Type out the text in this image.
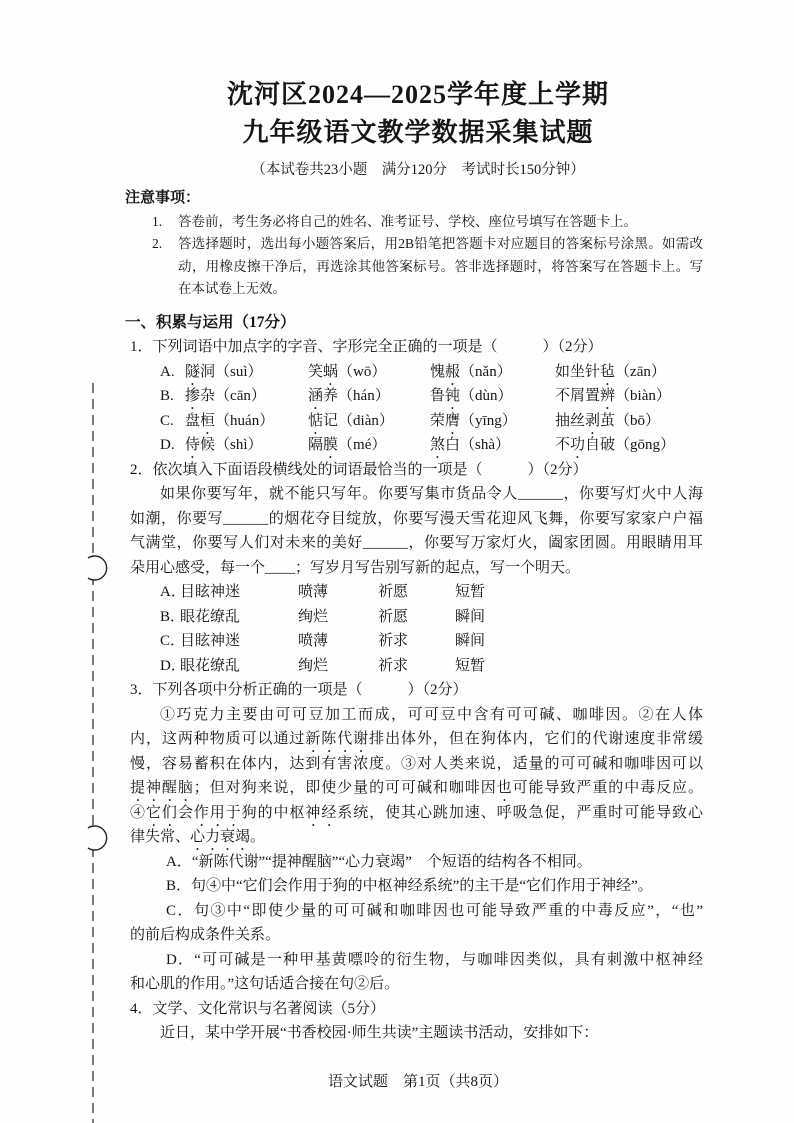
沈河区2024—2025学年度上学期
九年级语文教学数据采集试题
（本试卷共23小题　满分120分　考试时长150分钟）
注意事项：
1. 答卷前，考生务必将自己的姓名、准考证号、学校、座位号填写在答题卡上。
2. 答选择题时，选出每小题答案后，用2B铅笔把答题卡对应题目的答案标号涂黑。如需改
动，用橡皮擦干净后，再选涂其他答案标号。答非选择题时，将答案写在答题卡上。写
在本试卷上无效。
一、积累与运用（17分）
1．下列词语中加点字的字音、字形完全正确的一项是（　　　）（2分）
A. 隧洞（suì）	笑蜗（wō）	愧赧（nǎn）	如坐针毡（zān）
B. 掺杂（cān）	涵养（hán）	鲁钝（dùn）	不屑置辨（biàn）
C. 盘桓（huán） 惦记（diàn） 荣膺（yīng）	抽丝剥茧（bō）
D. 侍候（shì）	隔膜（mé）	煞白（shà）	不功自破（gōng）
2．依次填入下面语段横线处的词语最恰当的一项是（　　　）（2分）
如果你要写年，就不能只写年。你要写集市货品令人______，你要写灯火中人海
如潮，你要写______的烟花夺目绽放，你要写漫天雪花迎风飞舞，你要写家家户户福
气满堂，你要写人们对未来的美好______，你要写万家灯火，阖家团圆。用眼睛用耳
朵用心感受，每一个____；写岁月写告别写新的起点，写一个明天。
A．
目眩神迷	喷薄	祈愿	短暂
B．
眼花缭乱	绚烂	祈愿	瞬间
C．
目眩神迷	喷薄	祈求	瞬间
D．
眼花缭乱	绚烂	祈求	短暂
3．下列各项中分析正确的一项是（　　　）（2分）
①巧克力主要由可可豆加工而成，可可豆中含有可可碱、咖啡因。②在人体
内，这两种物质可以通过新陈代谢排出体外，但在狗体内，它们的代谢速度非常缓
慢，容易蓄积在体内，达到有害浓度。③对人类来说，适量的可可碱和咖啡因可以
提神醒脑；但对狗来说，即使少量的可可碱和咖啡因也可能导致严重的中毒反应。
④它们会作用于狗的中枢神经系统，使其心跳加速、呼吸急促，严重时可能导致心
律失常、心力衰竭。
A．“新陈代谢”“提神醒脑”“心力衰竭”　个短语的结构各不相同。
B．句④中“它们会作用于狗的中枢神经系统”的主干是“它们作用于神经”。
C．句③中“即使少量的可可碱和咖啡因也可能导致严重的中毒反应”，“也”
的前后构成条件关系。
D．“可可碱是一种甲基黄嘌呤的衍生物，与咖啡因类似，具有刺激中枢神经
和心肌的作用。”这句话适合接在句②后。
4．文学、文化常识与名著阅读（5分）
近日，某中学开展“书香校园·师生共读”主题读书活动，安排如下：
语文试题　第1页（共8页）
